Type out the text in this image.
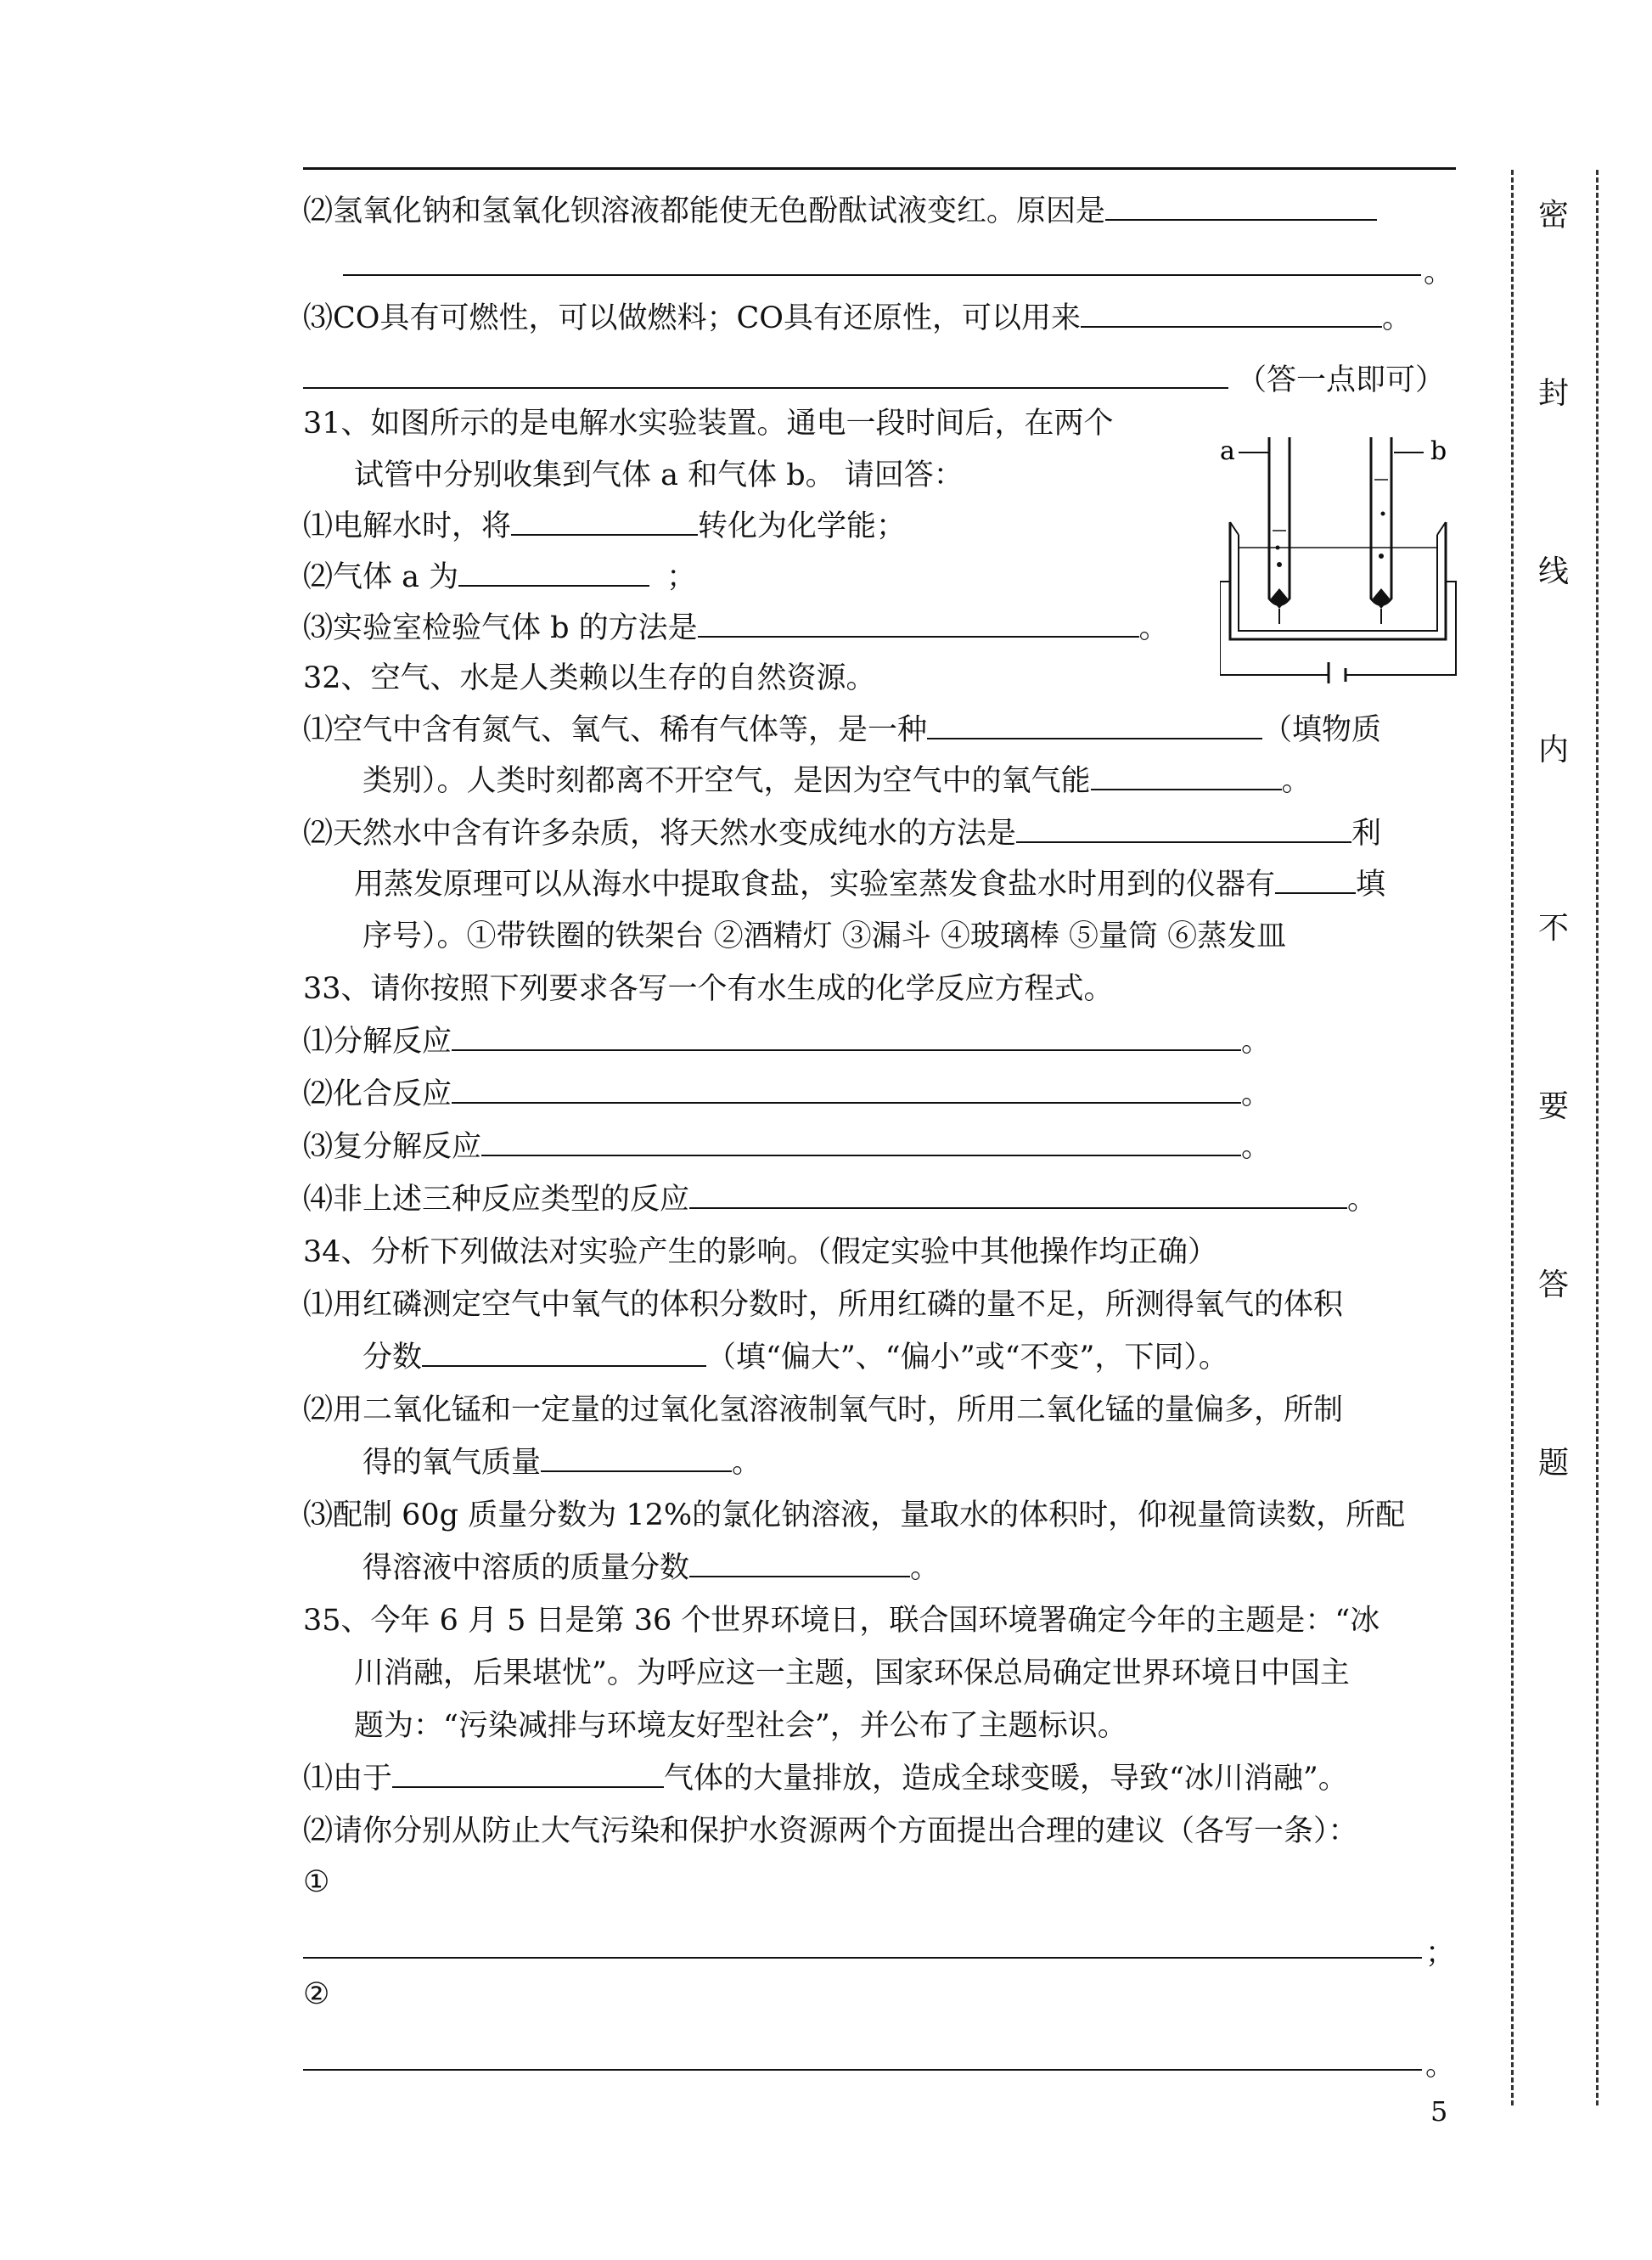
⑵氢氧化钠和氢氧化钡溶液都能使无色酚酞试液变红。原因是
。
⑶CO具有可燃性，可以做燃料；CO具有还原性，可以用来	。
（答一点即可）
31、如图所示的是电解水实验装置。通电一段时间后，在两个
试管中分别收集到气体 a 和气体 b。 请回答：
⑴电解水时，将	转化为化学能；
⑵气体 a 为	；
⑶实验室检验气体 b 的方法是	。
a	b
32、空气、水是人类赖以生存的自然资源。
⑴空气中含有氮气、氧气、稀有气体等，是一种	（填物质
类别）。人类时刻都离不开空气，是因为空气中的氧气能	。
⑵天然水中含有许多杂质，将天然水变成纯水的方法是	利
用蒸发原理可以从海水中提取食盐，实验室蒸发食盐水时用到的仪器有	填
序号）。①带铁圈的铁架台 ②酒精灯 ③漏斗 ④玻璃棒 ⑤量筒 ⑥蒸发皿
33、请你按照下列要求各写一个有水生成的化学反应方程式。
⑴分解反应	。
⑵化合反应	。
⑶复分解反应	。
⑷非上述三种反应类型的反应	。
34、分析下列做法对实验产生的影响。（假定实验中其他操作均正确）
⑴用红磷测定空气中氧气的体积分数时，所用红磷的量不足，所测得氧气的体积
分数	（填“偏大”、“偏小”或“不变”，下同）。
⑵用二氧化锰和一定量的过氧化氢溶液制氧气时，所用二氧化锰的量偏多，所制
得的氧气质量	。
⑶配制 60g 质量分数为 12%的氯化钠溶液，量取水的体积时，仰视量筒读数，所配
得溶液中溶质的质量分数	。
35、今年 6 月 5 日是第 36 个世界环境日，联合国环境署确定今年的主题是：“冰
川消融，后果堪忧”。为呼应这一主题，国家环保总局确定世界环境日中国主
题为：“污染减排与环境友好型社会”，并公布了主题标识。
⑴由于	气体的大量排放，造成全球变暖，导致“冰川消融”。
⑵请你分别从防止大气污染和保护水资源两个方面提出合理的建议（各写一条）：
①
；
②
。
密
封
线
内
不
要
答
题
5
